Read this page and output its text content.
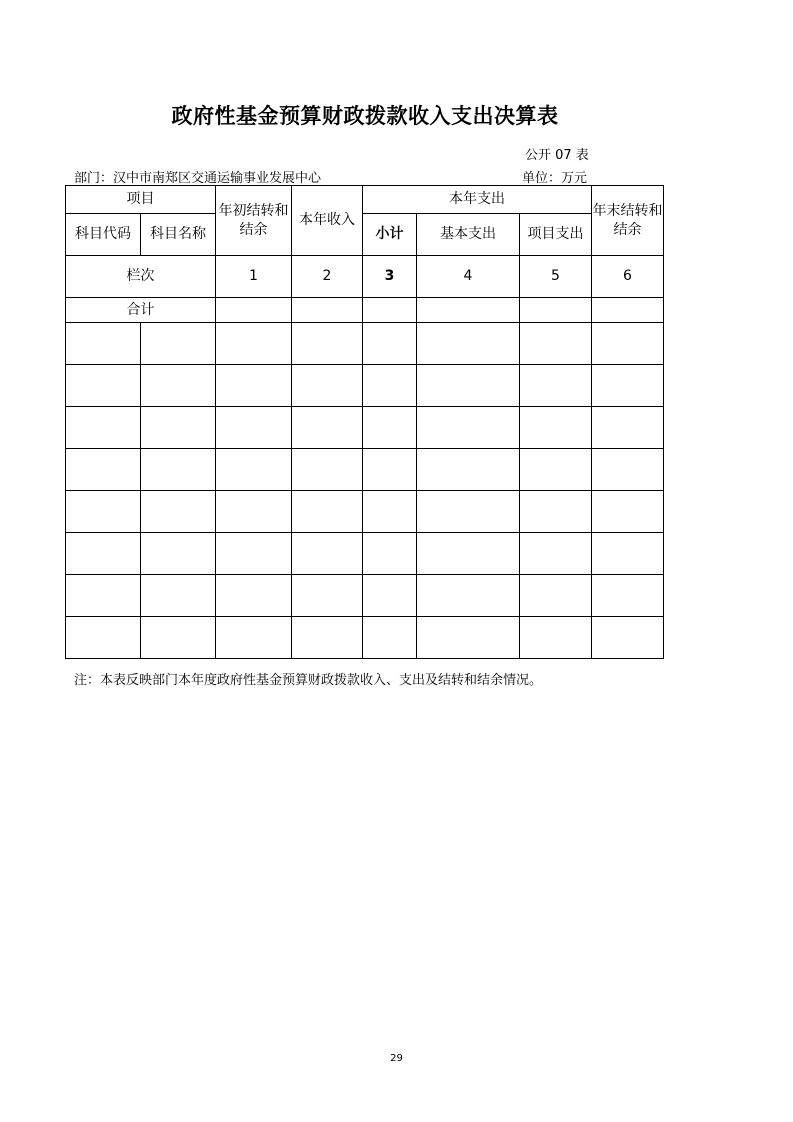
政府性基金预算财政拨款收入支出决算表
公开 07 表
部门：汉中市南郑区交通运输事业发展中心	单位：万元
项目		年初结转和结余	本年收入	本年支出			年末结转和结余
科目代码	科目名称			小计	基本支出	项目支出	
栏次		1	2	3	4	5	6
合计							

注：本表反映部门本年度政府性基金预算财政拨款收入、支出及结转和结余情况。
29
